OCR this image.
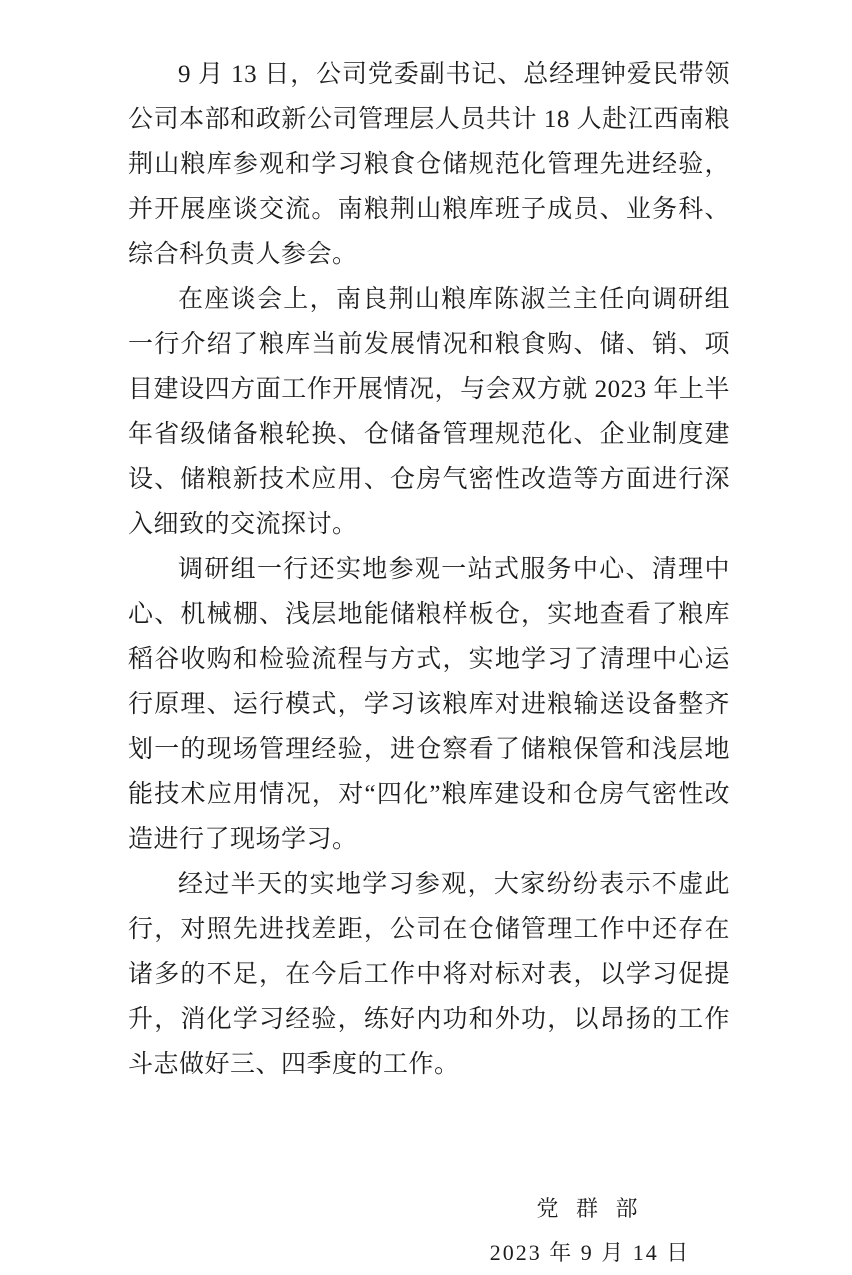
9 月 13 日，公司党委副书记、总经理钟爱民带领公司本部和政新公司管理层人员共计 18 人赴江西南粮荆山粮库参观和学习粮食仓储规范化管理先进经验，并开展座谈交流。南粮荆山粮库班子成员、业务科、综合科负责人参会。

在座谈会上，南良荆山粮库陈淑兰主任向调研组一行介绍了粮库当前发展情况和粮食购、储、销、项目建设四方面工作开展情况，与会双方就 2023 年上半年省级储备粮轮换、仓储备管理规范化、企业制度建设、储粮新技术应用、仓房气密性改造等方面进行深入细致的交流探讨。

调研组一行还实地参观一站式服务中心、清理中心、机械棚、浅层地能储粮样板仓，实地查看了粮库稻谷收购和检验流程与方式，实地学习了清理中心运行原理、运行模式，学习该粮库对进粮输送设备整齐划一的现场管理经验，进仓察看了储粮保管和浅层地能技术应用情况，对“四化”粮库建设和仓房气密性改造进行了现场学习。

经过半天的实地学习参观，大家纷纷表示不虚此行，对照先进找差距，公司在仓储管理工作中还存在诸多的不足，在今后工作中将对标对表，以学习促提升，消化学习经验，练好内功和外功，以昂扬的工作斗志做好三、四季度的工作。

党 群 部
2023 年 9 月 14 日
